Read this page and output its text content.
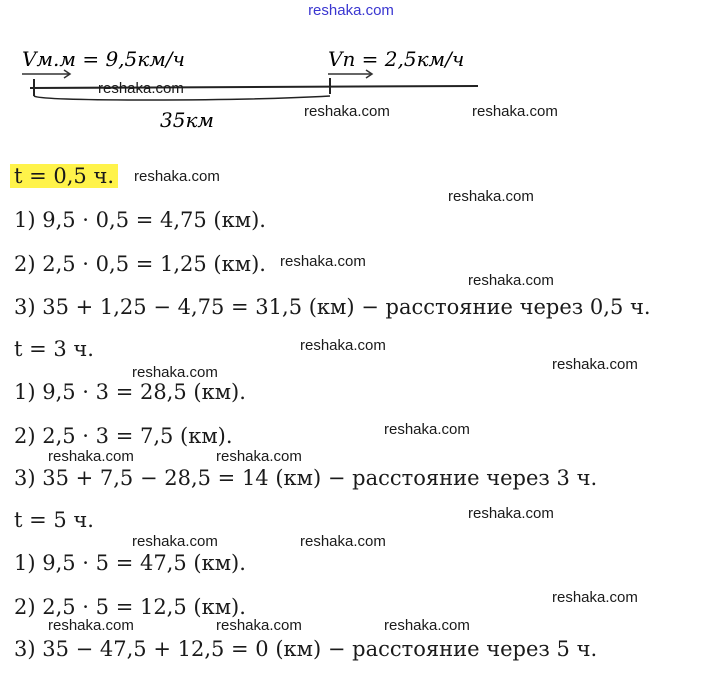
reshaka.com
Vм.м = 9,5км/ч	Vп = 2,5км/ч
35км
t = 0,5 ч.
1) 9,5 · 0,5 = 4,75 (км).
2) 2,5 · 0,5 = 1,25 (км).
3) 35 + 1,25 − 4,75 = 31,5 (км) − расстояние через 0,5 ч.
t = 3 ч.
1) 9,5 · 3 = 28,5 (км).
2) 2,5 · 3 = 7,5 (км).
3) 35 + 7,5 − 28,5 = 14 (км) − расстояние через 3 ч.
t = 5 ч.
1) 9,5 · 5 = 47,5 (км).
2) 2,5 · 5 = 12,5 (км).
3) 35 − 47,5 + 12,5 = 0 (км) − расстояние через 5 ч.
reshaka.com
reshaka.com	reshaka.com
reshaka.com
reshaka.com
reshaka.com
reshaka.com
reshaka.com
reshaka.com
reshaka.com
reshaka.com
reshaka.com	reshaka.com
reshaka.com
reshaka.com	reshaka.com
reshaka.com
reshaka.com	reshaka.com	reshaka.com
